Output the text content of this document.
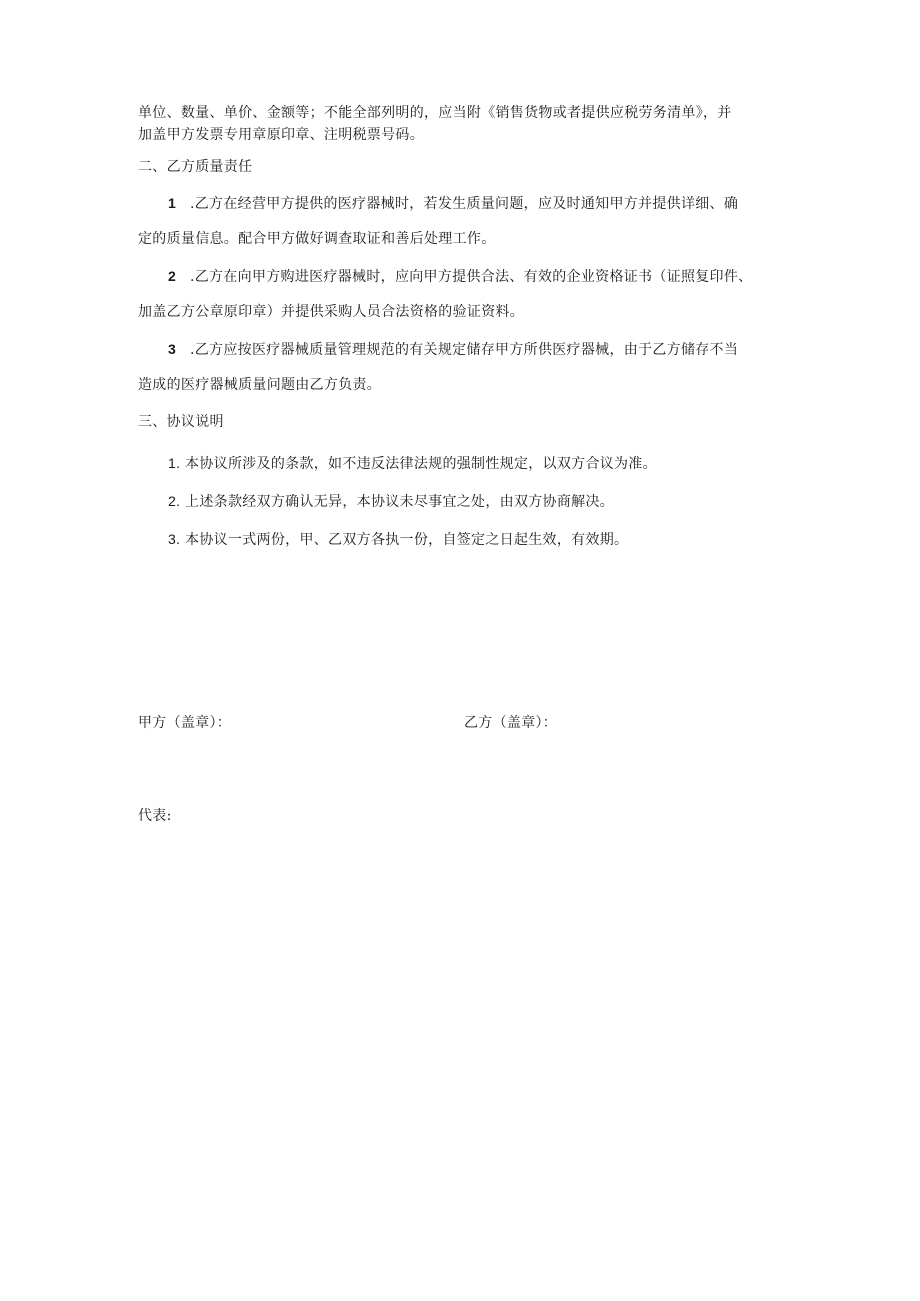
单位、数量、单价、金额等；不能全部列明的，应当附《销售货物或者提供应税劳务清单》，并
加盖甲方发票专用章原印章、注明税票号码。
二、乙方质量责任
1 .乙方在经营甲方提供的医疗器械时，若发生质量问题，应及时通知甲方并提供详细、确
定的质量信息。配合甲方做好调查取证和善后处理工作。
2 .乙方在向甲方购进医疗器械时，应向甲方提供合法、有效的企业资格证书（证照复印件、
加盖乙方公章原印章）并提供采购人员合法资格的验证资料。
3 .乙方应按医疗器械质量管理规范的有关规定储存甲方所供医疗器械，由于乙方储存不当
造成的医疗器械质量问题由乙方负责。
三、协议说明
1. 本协议所涉及的条款，如不违反法律法规的强制性规定，以双方合议为准。
2. 上述条款经双方确认无异，本协议未尽事宜之处，由双方协商解决。
3. 本协议一式两份，甲、乙双方各执一份，自签定之日起生效，有效期。
甲方（盖章）：	乙方（盖章）：
代表:
